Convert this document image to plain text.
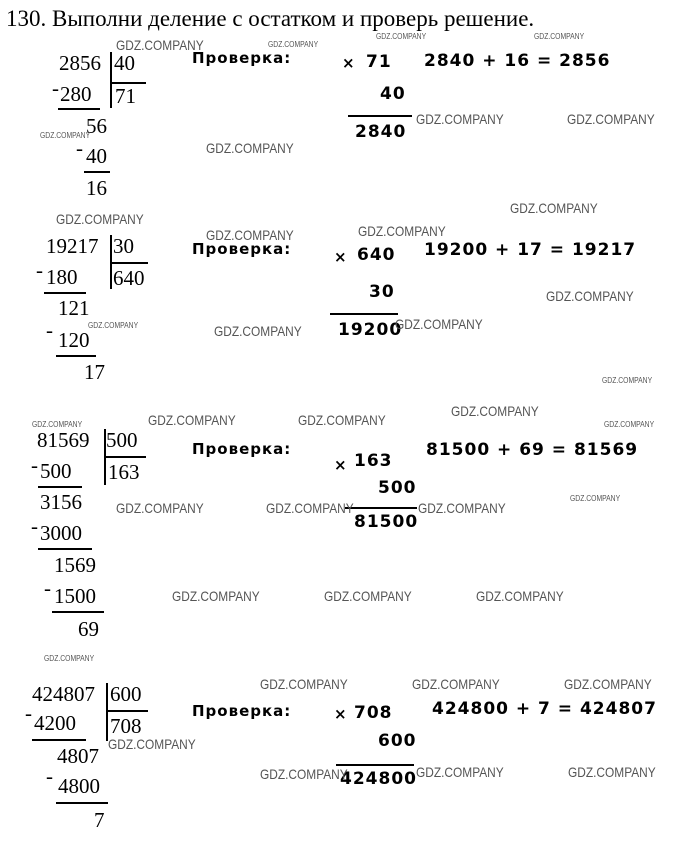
130. Выполни деление с остатком и проверь решение.
2856 40
71
- 280
56
- 40
16
Проверка:	× 71
40
2840
2840 + 16 = 2856
19217 30
640
- 180
121
- 120
17
Проверка:	× 640
30
19200
19200 + 17 = 19217
81569 500
163
- 500
3156
- 3000
1569
- 1500
69
Проверка:
× 163
500
81500
81500 + 69 = 81569
424807 600
708
- 4200
4807
- 4800
7
Проверка:	× 708
600
424800
424800 + 7 = 424807
GDZ.COMPANY	GDZ.COMPANY
GDZ.COMPANY	GDZ.COMPANY
GDZ.COMPANY
GDZ.COMPANY
GDZ.COMPANY	GDZ.COMPANY
GDZ.COMPANY
GDZ.COMPANY
GDZ.COMPANY	GDZ.COMPANY
GDZ.COMPANY
GDZ.COMPANY	GDZ.COMPANY	GDZ.COMPANY
GDZ.COMPANY
GDZ.COMPANY	GDZ.COMPANY	GDZ.COMPANY
GDZ.COMPANY
GDZ.COMPANY
GDZ.COMPANY	GDZ.COMPANY	GDZ.COMPANY
GDZ.COMPANY
GDZ.COMPANY	GDZ.COMPANY	GDZ.COMPANY
GDZ.COMPANY
GDZ.COMPANY	GDZ.COMPANY	GDZ.COMPANY
GDZ.COMPANY
GDZ.COMPANY	GDZ.COMPANY	GDZ.COMPANY
